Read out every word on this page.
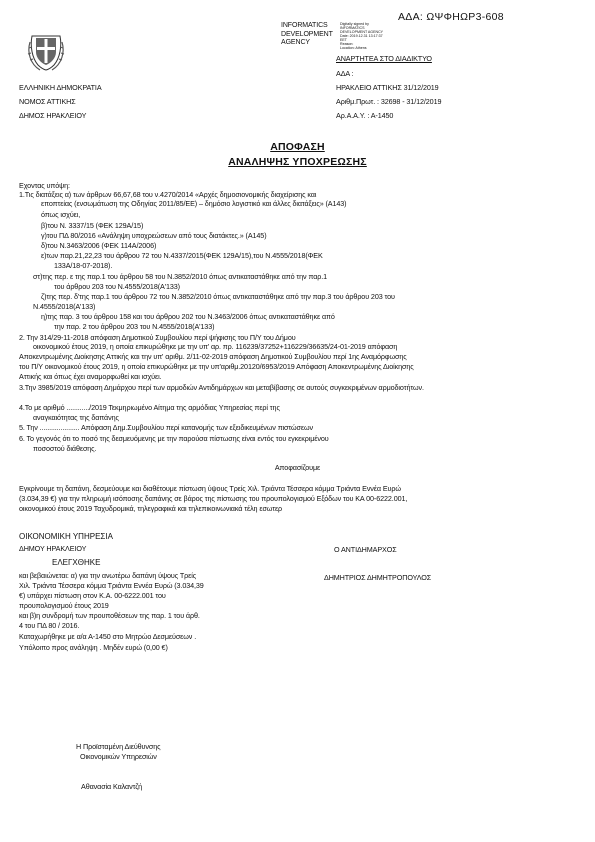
ΑΔΑ: ΩΨΦΗΩΡ3-608
INFORMATICS
DEVELOPMENT
AGENCY
Digitally signed by
INFORMATICS
DEVELOPMENT AGENCY
Date: 2019.12.31 13:17:37
EET
Reason:
Location: Athens
ΑΝΑΡΤΗΤΕΑ ΣΤΟ ΔΙΑΔΙΚΤΥΟ
ΑΔΑ :
ΗΡΑΚΛΕΙΟ ΑΤΤΙΚΗΣ 31/12/2019
Αριθμ.Πρωτ. : 32698 - 31/12/2019
Αρ.Α.Α.Υ. : Α-1450
ΕΛΛΗΝΙΚΗ ΔΗΜΟΚΡΑΤΙΑ
ΝΟΜΟΣ ΑΤΤΙΚΗΣ
ΔΗΜΟΣ ΗΡΑΚΛΕΙΟΥ
ΑΠΟΦΑΣΗ
ΑΝΑΛΗΨΗΣ ΥΠΟΧΡΕΩΣΗΣ
Εχοντας υπόψη:
1.Τις διατάξεις α) των άρθρων 66,67,68 του ν.4270/2014 «Αρχές δημοσιονομικής διαχείρισης και
εποπτείας (ενσωμάτωση της Οδηγίας 2011/85/ΕΕ) – δημόσιο λογιστικό και άλλες διατάξεις» (Α143)
όπως ισχύει,
β)του Ν. 3337/15 (ΦΕΚ 129Α/15)
γ)του ΠΔ 80/2016 «Ανάληψη υποχρεώσεων από τους διατάκτες.» (Α145)
δ)του Ν.3463/2006 (ΦΕΚ 114Α/2006)
ε)των παρ.21,22,23 του άρθρου 72 του Ν.4337/2015(ΦΕΚ 129Α/15),του Ν.4555/2018(ΦΕΚ
133Α/18-07-2018).
στ)της περ. ε της παρ.1 του άρθρου 58 του Ν.3852/2010 όπως αντικαταστάθηκε από την παρ.1
του άρθρου 203 του Ν.4555/2018(Α'133)
ζ)της περ. δ'της παρ.1 του άρθρου 72 του Ν.3852/2010 όπως αντικαταστάθηκε από την παρ.3 του άρθρου 203 του
Ν.4555/2018(Α'133)
η)της παρ. 3 του άρθρου 158 και του άρθρου 202 του Ν.3463/2006 όπως αντικαταστάθηκε από
την παρ. 2 του άρθρου 203 του Ν.4555/2018(Α'133)
2. Την 314/29-11-2018 απόφαση Δημοτικού Συμβουλίου περί ψήφισης του Π/Υ του Δήμου
οικονομικού έτους 2019, η οποία επικυρώθηκε με την υπ' αρ. πρ. 116239/37252+116229/36635/24-01-2019 απόφαση
Αποκεντρωμένης Διοίκησης Αττικής και την υπ' αριθμ. 2/11-02-2019 απόφαση Δημοτικού Συμβουλίου περί 1ης Αναμόρφωσης
του Π/Υ οικονομικού έτους 2019, η οποία επικυρώθηκε με την υπ'αριθμ.20120/6953/2019 Απόφαση Αποκεντρωμένης Διοίκησης
Αττικής και όπως έχει αναμορφωθεί και ισχύει.
3.Την 3985/2019 απόφαση Δημάρχου περί των αρμοδιών Αντιδημάρχων και μεταβίβασης σε αυτούς συγκεκριμένων αρμοδιοτήτων.
4.Το με αριθμό ............/2019 Τεκμηριωμένο Αίτημα της αρμόδιας Υπηρεσίας περί της
αναγκαιότητας της δαπάνης
5. Την ..................... Απόφαση Δημ.Συμβουλίου περί κατανομής των εξειδικευμένων πιστώσεων
6. Το γεγονός ότι το ποσό της δεσμευόμενης με την παρούσα πίστωσης είναι εντός του εγκεκριμένου
ποσοστού διάθεσης.
Αποφασίζουμε
Εγκρίνουμε τη δαπάνη, δεσμεύουμε και διαθέτουμε πίστωση ύψους Τρείς Χιλ. Τριάντα Τέσσερα κόμμα Τριάντα Εννέα Ευρώ
(3.034,39 €) για την πληρωμή ισόποσης δαπάνης σε βάρος της πίστωσης του προυπολογισμού Εξόδων του ΚΑ 00-6222.001,
οικονομικού έτους 2019 Ταχυδρομικά, τηλεγραφικά και τηλεπικοινωνιακά τέλη εσωτερ
ΟΙΚΟΝΟΜΙΚΗ ΥΠΗΡΕΣΙΑ
ΔΗΜΟΥ ΗΡΑΚΛΕΙΟΥ
ΕΛΕΓΧΘΗΚΕ
και βεβαιώνεται: α) για την ανωτέρω δαπάνη ύψους Τρείς
Χιλ. Τριάντα Τέσσερα κόμμα Τριάντα Εννέα Ευρώ (3.034,39
€) υπάρχει πίστωση στον Κ.Α. 00-6222.001 του
προυπολογισμού έτους 2019
και β)η συνδρομή των προυποθέσεων της παρ. 1 του άρθ.
4 του ΠΔ 80 / 2016.
Καταχωρήθηκε με α/α Α-1450 στο Μητρώο Δεσμεύσεων .
Υπόλοιπο προς ανάληψη . Μηδέν ευρώ (0,00 €)
Ο ΑΝΤΙΔΗΜΑΡΧΟΣ
ΔΗΜΗΤΡΙΟΣ ΔΗΜΗΤΡΟΠΟΥΛΟΣ
Η Προϊσταμένη Διεύθυνσης
Οικονομικών Υπηρεσιών
Αθανασία Καλαντζή
